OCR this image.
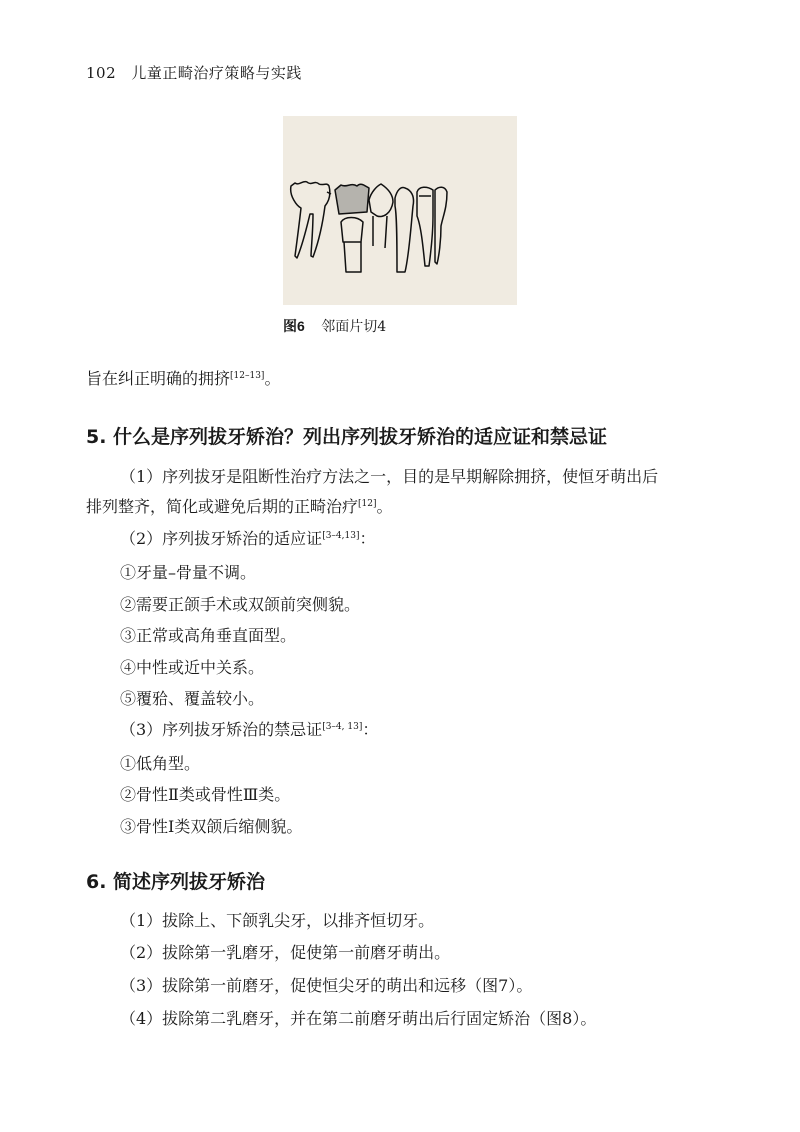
102 儿童正畸治疗策略与实践
图6 邻面片切4
旨在纠正明确的拥挤[12–13]。
5. 什么是序列拔牙矫治？列出序列拔牙矫治的适应证和禁忌证
（1）序列拔牙是阻断性治疗方法之一，目的是早期解除拥挤，使恒牙萌出后
排列整齐，简化或避免后期的正畸治疗[12]。
（2）序列拔牙矫治的适应证[3–4,13]：
①牙量–骨量不调。
②需要正颌手术或双颌前突侧貌。
③正常或高角垂直面型。
④中性或近中关系。
⑤覆𬌗、覆盖较小。
（3）序列拔牙矫治的禁忌证[3–4, 13]：
①低角型。
②骨性Ⅱ类或骨性Ⅲ类。
③骨性Ⅰ类双颌后缩侧貌。
6. 简述序列拔牙矫治
（1）拔除上、下颌乳尖牙，以排齐恒切牙。
（2）拔除第一乳磨牙，促使第一前磨牙萌出。
（3）拔除第一前磨牙，促使恒尖牙的萌出和远移（图7）。
（4）拔除第二乳磨牙，并在第二前磨牙萌出后行固定矫治（图8）。
